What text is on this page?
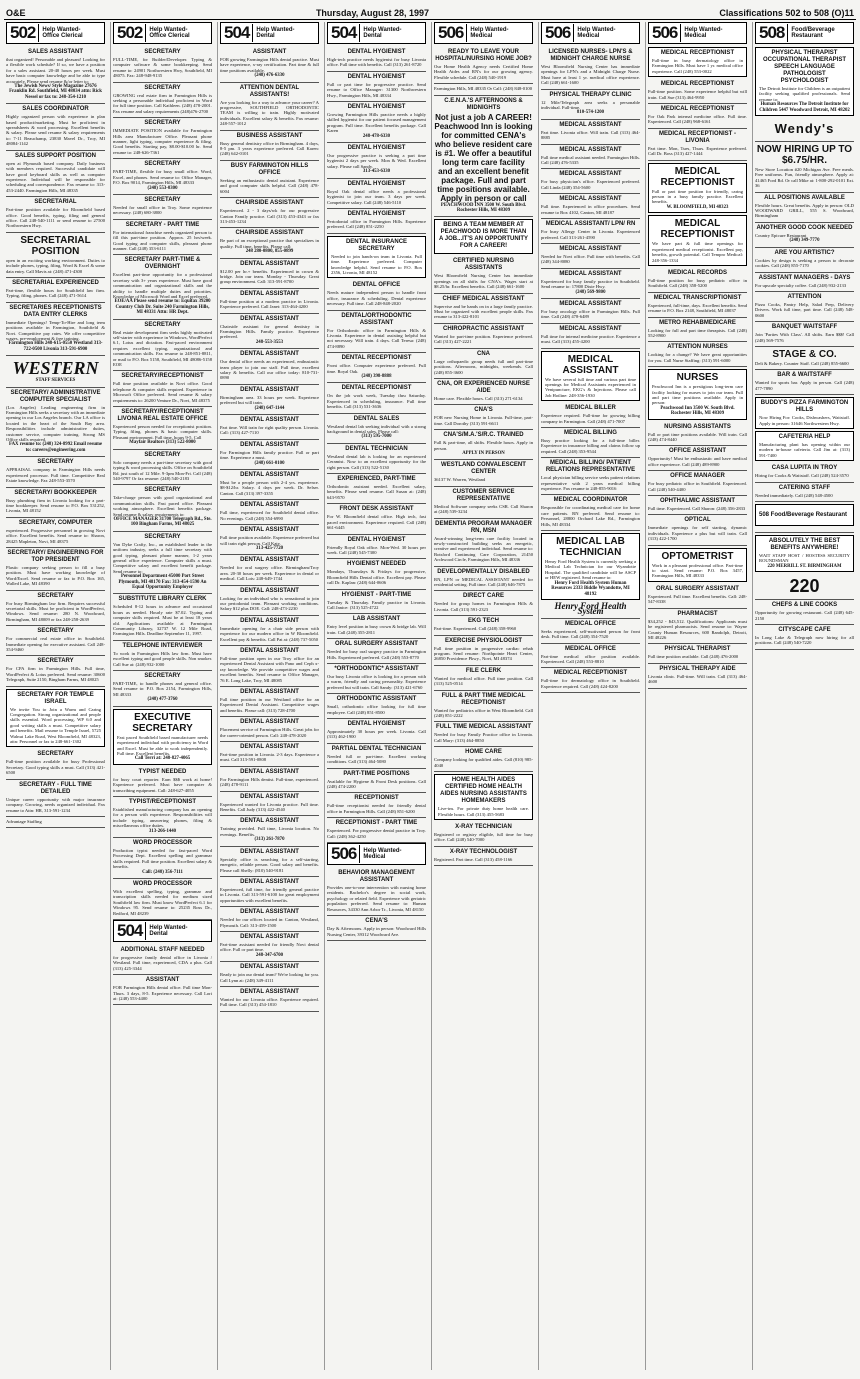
O&E	Thursday, August 28, 1997	Classifications 502 to 508 (O)11
502	Help Wanted-
Office Clerical
SALES ASSISTANT
that organized! Personable and pleasant! Looking for a flexible work schedule? If so, we have a position for a sales assistant. 20-40 hours per week. Must have basic computer knowledge and be able to type accurately. Please send resume &/or letter to:
The Jewish News/ Style Magazine 27676 Franklin Rd. Southfield, MI 48034 attn: Rick Nessel or fax to: 248-354-1210
SALES COORDINATOR
Highly organized person with experience in plan based product/marketing. Must be proficient in spreadsheets & word processing. Excellent benefits & salary. Please send resume & salary requirements to: 7-11 Beauchamp, 23830 Mavel Dr., Troy, MI 48084-1142
SALES SUPPORT POSITION
open at Plymouth based company. Daily business with members required. Successful candidate will have good keyboard skills as well as computer experience. Individual will be responsible for scheduling and correspondence. Fax resume to: 313-453-2440. Farmington Hills, MI 48335
SECRETARIAL
Part-time position available for Bloomfield based office. Good benefits, typing, filing and general office. Call 248-540-1111 or send resume to 27500 Northwestern Hwy.
SECRETARIAL POSITION
open in an exciting working environment. Duties to include phones, typing, filing, Word & Excel & some data entry. Call Mavis at: (248) 471-4300
SECRETARIAL EXPERIENCED
Part-time, flexible hours for Southfield law firm. Typing, filing, phones. Call (248) 471-5614
SECRETARIES RECEPTIONISTS DATA ENTRY CLERKS
Immediate Openings! Temp-To-Hire and long term positions available in Farmington, Southfield & Novi. Competitive pay rates. We offer competitive wages, pre-employment & free training.
Farmington Hills 248-615-0550 Westland 313-722-0500 Livonia 313-591-6900
WESTERN
STAFF SERVICES
SECRETARY/ ADMINISTRATIVE COMPUTER SPECIALIST
(Los Angeles) Leading engineering firm in Farmington Hills seeks a secretary with an immediate opening in our Los Angeles branch. Our LA office is located in the heart of the South Bay area. Responsibilities include administrative duties, customer service, computer training. Strong MS Office skills required.
FAX resume to: (248) 324-8992 Email resume to: careers@engineering.com
SECRETARY
APPRAISAL company in Farmington Hills needs experienced processor. Full time. Competitive Real Estate knowledge. Fax 248-553-3570
SECRETARY/ BOOKKEEPER
Busy plumbing firm in Livonia looking for a part-time bookkeeper. Send resume to P.O. Box 531252, Livonia, MI 48152
SECRETARY, COMPUTER
experienced. Progressive personnel in growing Novi office. Excellent benefits. Send resume to: Sharon, 28425 Mapleton, Novi, MI 48375
SECRETARY/ ENGINEERING FOR TOP PRESIDENT
Plastic company seeking person to fill a busy position. Must have working knowledge of Word/Excel. Send resume or fax to P.O. Box 165, Walled Lake, MI 48390
SECRETARY
For busy Birmingham law firm. Requires successful secretarial skills. Must be proficient in WordPerfect, Windows. Send resume: 280 N. Woodward, Birmingham, MI 48009 or fax 248-258-2639
SECRETARY
For commercial real estate office in Southfield. Immediate opening for executive assistant. Call 248-354-9460
SECRETARY
For CPA firm in Farmington Hills. Full time, WordPerfect & Lotus preferred. Send resume: 30600 Telegraph, Suite 2150, Bingham Farms, MI 48025
SECRETARY FOR TEMPLE ISRAEL
We invite You to Join a Warm and Caring Congregation. Strong organizational and people skills essential. Word processing, WP 6.0 and good writing skills a must. Competitive salary and benefits. Mail resume to Temple Israel, 5725 Walnut Lake Road, West Bloomfield, MI 48323, attn: Personnel or fax to 248-661-1302
SECRETARY
Full-time position available for busy Professional Secretary. Good typing skills a must. Call (313) 421-6500
SECRETARY - FULL TIME DETAILED
Unique career opportunity with major insurance company. Growing, needs organized individual. Fax resume to Attn: HR, 313-591-1234
Advantage Staffing
502	Help Wanted-
Office Clerical
SECRETARY
FULL-TIME, for Builder/Developer. Typing & computer software & some bookkeeping. Send resume to: 24901 Northwestern Hwy, Southfield, MI 48075. Fax: 248-948-9135
SECRETARY
GROWING real estate firm in Farmington Hills is seeking a personable individual proficient in Word for full time position. Call Kathleen. (248) 478-2001. Fax resume and salary requirements (248)476-2700
SECRETARY
IMMEDIATE POSITION available for Farmington Hills area Manufacturer Office. Pleasant phone manner, light typing, computer experience & filing. Good benefits. Starting pay, $8.00-$10.00 hr. Send resume to: 248-626-7361
SECRETARY
PART-TIME, flexible for busy small office. Word, Excel, and phones. Send resume to: Office Manager, P.O. Box 9014, Farmington Hills, MI 48333
(248) 553-0300
SECRETARY
Needed for small office in Troy. Some experience necessary. (248) 680-3800
SECRETARY - PART TIME
For international franchise needs organized person to fill this part-time position. Approx. 25 hrs/week. Good typing and computer skills, pleasant phone manner. Call (248) 353-6111
SECRETARY PART-TIME & OVERNIGHT
Excellent part-time opportunity for a professional secretary with 3+ years experience. Must have good communication and organizational skills and the ability to handle multiple duties and priorities. Knowledge of Microsoft Word and Excel preferred.
EOE/AA Please send resume to: Equifax 39200 Country Club Dr. Suite 240 Farmington Hills, MI 48331 Attn: HR Dept.
SECRETARY
Real estate development firm seeks highly motivated self-starter with experience in Windows, WordPerfect 6.1, Lotus and dictation. Fast-paced environment requires excellent typing, organizational and communication skills. Fax resume to 248-851-8811, or mail to P.O. Box 5158, Southfield, MI 48086-5158 EOE
SECRETARY/RECEPTIONIST
Full time position available in Novi office. Good telephone & computer skills required. Experience in Microsoft Office preferred. Send resume & salary requirements to: 26200 Venture Dr., Novi, MI 48375
SECRETARY/RECEPTIONIST LIVONIA REAL ESTATE OFFICE
Experienced person needed for receptionist position. Typing, filing, phones & basic computer skills. Pleasant environment. Full time, hours 9-5. Call
Mayfair Realtors (313) 522-8000
SECRETARY
Solo company needs a part-time secretary with good typing & word processing skills. Office on Southfield Rd. just south of 12 Mile. 9-3pm Mon-Fri. Call (248) 540-9797 Or fax resume: (248) 540-2183
SECRETARY
Take-charge person with good organizational and communication skills. Fast paced office. Pleasant working atmosphere. Excellent benefits package. Send resume & salary requirements to:
OFFICE MANAGER 31700 Telegraph Rd., Ste. 100 Bingham Farms, MI 48025
SECRETARY
Van Dyke Crafty, Inc., an established leader in the uniform industry, seeks a full time secretary with good typing, pleasant phone manner, 1-2 years general office experience. Computer skills a must. Competitive salary and excellent benefit package. Send resume to:
Personnel Department 45000 Port Street Plymouth, MI 48170 Fax: 313-454-1590 An Equal Opportunity Employer
SUBSTITUTE LIBRARY CLERK
Scheduled 8-12 hours in advance and occasional hours as needed. Hourly rate $7.02. Typing and computer skills required. Must be at least 18 years old. Applications available at Farmington Community Library, 32737 W. 12 Mile Road, Farmington Hills. Deadline September 11, 1997.
TELEPHONE INTERVIEWER
To work in Farmington Hills law firm. Must have excellent typing and good people skills. Non smoker. Call Sue at: (248) 932-1000
SECRETARY
PART-TIME, to handle phones and general office. Send resume to: P.O. Box 2154, Farmington Hills, MI 48333
(248) 477-3760
EXECUTIVE SECRETARY
Fast paced Southfield based manufacturer needs experienced individual with proficiency in Word and Excel. Must be able to work independently. Full time. Excellent benefits.
Call Terri at: 248-827-4065
TYPIST NEEDED
for busy court reporter. Earn $$$ work at home! Experience preferred. Must have computer & transcribing equipment. Call: 248-627-4055
TYPIST/RECEPTIONIST
Established manufacturing company has an opening for a person with experience. Responsibilities will include typing, answering phones, filing & miscellaneous office duties.
313-266-1440
WORD PROCESSOR
Production typist needed for fast-paced Word Processing Dept. Excellent spelling and grammar skills required. Full time position. Excellent salary & benefits.
Call: (248) 356-7111
WORD PROCESSOR
With excellent spelling, typing, grammar and transcription skills needed for medium sized Southfield law firm. Must know WordPerfect 6.1 for Windows 95. Send resume to: 25235 Ross Dr., Redford, MI 48239
504	Help Wanted-
Dental
ADDITIONAL STAFF NEEDED
for progressive family dental office in Livonia / Westland. Full time, experienced, CDA a plus. Call (313) 425-3344
ASSISTANT
FOR Farmington Hills dental office. Full time Mon-Thurs. 3 days, 8-5. Experience necessary. Call Lori at: (248) 553-4400
504	Help Wanted-
Dental
ASSISTANT
FOR growing Farmington Hills dental practice. Must have experience, x-ray certification. Part time & full time positions available.
(248) 476-6330
ATTENTION DENTAL ASSISTANTS!
Are you looking for a way to advance your career? A progressive, SOUTHFIELD ORTHODONTIC TEAM is willing to train. Highly motivated individuals. Excellent salary & benefits. Fax resume: 248-557-1012
BUSINESS ASSISTANT
Busy general dentistry office in Birmingham. 4 days, 8-5 pm. 3 years experience preferred. Call Karen: (248) 642-0101
BUSY FARMINGTON HILLS OFFICE
Seeking an enthusiastic dental assistant. Experience and good computer skills helpful. Call (248) 478-6004
CHAIRSIDE ASSISTANT
Experienced. 2 - 3 days/wk for our progressive Canton Family practice. Call (313) 453-4343 or fax 313-453-1234
CHAIRSIDE ASSISTANT
Be part of an exceptional practice that specializes in quality. Full time, benefits. Please call:
248 280-0800, 855-0899
DENTAL ASSISTANT
$12.00 per hr.+ benefits. Experienced in crown & bridge. Join our team. Monday - Thursday. Great group environment. Call: 313-591-8700
DENTAL ASSISTANT
Full-time position at a modern practice in Livonia. Experience preferred. Call Janet: 313-464-4200
DENTAL ASSISTANT
Chairside assistant for general dentistry in Farmington Hills. Family practice. Experience preferred.
248-553-3553
DENTAL ASSISTANT
Our dental office needs an experienced, enthusiastic team player to join our staff. Full time, excellent salary & benefits. Call our office today: 810-731-0890
DENTAL ASSISTANT
Birmingham area. 33 hours per week. Experience preferred but will train.
(248) 647-1144
DENTAL ASSISTANT
Part time. Will train for right quality person. Livonia. Call: (313) 427-7110
DENTAL ASSISTANT
For Farmington Hills family practice. Full or part time. Experience a must.
(248) 661-0100
DENTAL ASSISTANT
Must be a people person with 2-4 yrs. experience. $8-$12/hr. Salary. 4 days per week. Dr. Selser. Canton. Call (313) 397-3355
DENTAL ASSISTANT
Full time, experienced for Southfield dental office. No evenings. Call (248) 354-6990
DENTAL ASSISTANT
Full time position available. Experience preferred but will train right person. Call Katy.
313-425-7720
DENTAL ASSISTANT
Needed for oral surgery office. Birmingham/Troy area. 20-30 hours per week. Experience in dental or medical. Call Lois: 248-649-1744
DENTAL ASSISTANT
Looking for an individual who is sensational to join our periodontal team. Pleasant working conditions. Salary $12 plus DOE. Call: 248-473-2230
DENTAL ASSISTANT
Immediate opening for a chair side person with experience for our modern office in W Bloomfield. Excellent pay & benefits. Call Pat at: (248) 737-5050
DENTAL ASSISTANT
Full-time position open in our Troy office for an experienced Dental Assistant with Pano and Ceph x-ray knowledge. We provide competitive wages and excellent benefits. Send resume to Office Manager, 76 E. Long Lake, Troy, MI 48085
DENTAL ASSISTANT
Full time position in our Westland office for an Experienced Dental Assistant. Competitive wages and benefits. Please call: (313) 728-4700
DENTAL ASSISTANT
Placement service of Farmington Hills. Great jobs for the career-oriented person. Call: 248-478-2020
DENTAL ASSISTANT
Part-time position in Livonia. 2-3 days. Experience a must. Call 313-591-0808
DENTAL ASSISTANT
For Farmington Hills dentist. Full-time, experienced. (248) 478-9111
DENTAL ASSISTANT
Experienced wanted for Livonia practice. Full time. Benefits. Call Judy (313) 422-4540
DENTAL ASSISTANT
Training provided. Full time, Livonia location. No evenings. Benefits.
(313) 261-7870
DENTAL ASSISTANT
Specialty office is searching for a self-starting, energetic, reliable person. Good salary and benefits. Please call Shelly: (810) 540-9181
DENTAL ASSISTANT
Experienced, full time, for friendly general practice in Livonia. Call 313-591-6100 for great employment opportunities with excellent benefits.
DENTAL ASSISTANT
Needed for our offices located in: Canton, Westland, Plymouth. Call: 313-459-1500
DENTAL ASSISTANT
Part-time assistant needed for friendly Novi dental office. Full or part time.
248-347-6700
DENTAL ASSISTANT
Ready to join our dental team? We're looking for you. Call Lynn at: (248) 349-4111
DENTAL ASSISTANT
Wanted for our Livonia office. Experience required. Full time. Call (313) 454-1810
504	Help Wanted-
Dental
DENTAL HYGIENIST
High-tech practice needs hygienist for busy Livonia office. Full time with benefits. Call (313) 261-8720
DENTAL HYGIENIST
Full or part time for progressive practice. Send resume to Office Manager: 31300 Northwestern Hwy., Farmington Hills, MI 48334
DENTAL HYGIENIST
Growing Farmington Hills practice needs a highly skilled hygienist for our patient focused management program. Full time. Excellent benefits package. Call Karen
248-478-6330
DENTAL HYGIENIST
Our progressive practice is seeking a part time hygienist 2 days per week. Mon & Wed. Excellent salary. Please call Sandy.
313-453-6330
DENTAL HYGIENIST
Royal Oak dental office needs a professional hygienist to join our team. 3 days per week. Competitive salary. Call (248) 546-5110
DENTAL HYGIENIST
Periodontal office in Farmington Hills. Experience preferred. Call (248) 851-2250
DENTAL INSURANCE SECRETARY
Needed to join hands-on team in Livonia. Full time. Experience preferred. Computer knowledge helpful. Send resume to P.O. Box 2356, Livonia, MI 48152
DENTAL OFFICE
Needs mature independent person to handle front office, insurance & scheduling. Dental experience necessary. Full time. Call 248-848-2020
DENTAL/ORTHODONTIC ASSISTANT
For Orthodontic office in Farmington Hills & Livonia. Experience in dental assisting helpful but not necessary. Will train. 4 days. Call Teresa: (248) 474-8890
DENTAL RECEPTIONIST
Front office. Computer experience preferred. Full time. Royal Oak.
(248) 398-8888
DENTAL RECEPTIONIST
On the job work week, Tuesday thru Saturday. Experienced in scheduling, insurance. Full time benefits. Call (313) 531-3636
DENTAL SALES
Westland dental lab seeking individual with a strong background in dental sales. Please call:
(313) 595-7000
DENTAL TECHNICIAN
Westland dental lab is looking for an experienced Ceramist. Now to an excellent opportunity for the right person. Call (313) 522-5130
EXPERIENCED, PART-TIME
Orthodontic assistant needed. Excellent salary, benefits. Please send resume. Call Susan at: (248) 643-9570
FRONT DESK ASSISTANT
For W. Bloomfield dental office. High tech, fast paced environment. Experience required. Call (248) 661-6445
DENTAL HYGIENIST
Friendly Royal Oak office. Mon-Wed. 30 hours per week. Call (248) 545-7300
HYGIENIST NEEDED
Mondays, Thursdays & Fridays for progressive, Bloomfield Hills Dental office. Excellent pay. Please call Dr. Kaplan: (248) 644-0606
HYGIENIST - PART-TIME
Tuesday & Thursday. Family practice in Livonia. Call Janice: (313) 525-4722
LAB ASSISTANT
Entry level position in busy crown & bridge lab. Will train. Call (248) 355-2811
ORAL SURGERY ASSISTANT
Needed for busy oral surgery practice in Farmington Hills. Experienced preferred. Call (248) 553-8770
*ORTHODONTIC* ASSISTANT
Our busy Livonia office is looking for a person with a warm, friendly and caring personality. Experience preferred but will train. Call Sandy: (313) 421-6760
ORTHODONTIC ASSISTANT
Small, orthodontic office looking for full time employee. Call (248) 851-8500
DENTAL HYGIENIST
Approximately 30 hours per week. Livonia. Call (313) 462-1900
PARTIAL DENTAL TECHNICIAN
Needed full or part-time. Excellent working conditions. Call (313) 464-5080
PART-TIME POSITIONS
Available for Hygiene & Front Desk positions. Call (248) 474-2200
RECEPTIONIST
Full-time receptionist needed for friendly dental office in Farmington Hills. Call (248) 851-6200
RECEPTIONIST - PART TIME
Experienced. For progressive dental practice in Troy. Call: (248) 362-4250
506	Help Wanted-
Medical
BEHAVIOR MANAGEMENT ASSISTANT
Provides one-to-one intervention with nursing home residents. Bachelor's degree in social work, psychology or related field. Experience with geriatric population preferred. Send resume to: Human Resources, 34330 Ann Arbor Tr., Livonia, MI 48150
CENA'S
Day & Afternoons. Apply in person: Woodward Hills Nursing Center, 39312 Woodward Ave.
506	Help Wanted-
Medical
READY TO LEAVE YOUR HOSPITAL/NURSING HOME JOB?
Our Home Health Agency needs Certified Home Health Aides and RN's for our growing agency. Flexible schedule. Call (248) 540-1919
Farmington Hills, MI 48335 Or Call: (248) 848-0100
C.E.N.A.'S AFTERNOONS & MIDNIGHTS
Not just a job A CAREER! Peachwood Inn is looking for committed CENA's who believe resident care is #1. We offer a beautiful long term care facility and an excellent benefit package. Full and part time positions available. Apply in person or call
PEACHWOOD INN 3500 W. South Blvd. Rochester Hills, MI 48309
BEING A TEAM MEMBER AT PEACHWOOD IS MORE THAN A JOB...IT'S AN OPPORTUNITY FOR A CAREER!
CERTIFIED NURSING ASSISTANTS
West Bloomfield Nursing Center has immediate openings on all shifts for CNA's. Wages start at $8.25/hr. Excellent benefits. Call (248) 661-1600
CHIEF MEDICAL ASSISTANT
Supervise and be hands on in a large family practice. Must be organized with excellent people skills. Fax resume to 313-422-8101
CHIROPRACTIC ASSISTANT
Wanted for part-time position. Experience preferred. Call (313) 427-2221
CNA
Large orthopaedic group needs full and part-time positions. Afternoons, midnights, weekends. Call (248) 855-3600
CNA, OR EXPERIENCED NURSE AIDE
Home care. Flexible hours. Call (313) 271-6134
CNA'S
FOR new Nursing Home in Livonia. Full-time, part-time. Call Dorothy (313) 591-6611
CNA'S/M.A.'S/R.C. TRAINED
Full & part-time, all shifts. Flexible hours. Apply in person.
APPLY IN PERSON
WESTLAND CONVALESCENT CENTER
36137 W. Warren, Westland
CUSTOMER SERVICE REPRESENTATIVE
Medical Software company seeks CSR. Call Sharon at (248) 539-3234
DEMENTIA PROGRAM MANAGER RN, MSN
Award-winning long-term care facility located in newly-constructed building seeks an energetic, creative and experienced individual. Send resume to: Botsford Continuing Care Corporation, 21450 Archwood Circle, Farmington Hills, MI 48336
DEVELOPMENTALLY DISABLED
RN, LPN or MEDICAL ASSISTANT needed for residential setting. Full time. Call (248) 646-7875
DIRECT CARE
Needed for group homes in Farmington Hills & Livonia. Call (313) 591-2323
EKG TECH
Part-time. Experienced. Call (248) 358-9960
EXERCISE PHYSIOLOGIST
Full time position in progressive cardiac rehab program. Send resume: Northpointe Heart Center, 26850 Providence Pkwy., Novi, MI 48374
FILE CLERK
Wanted for medical office. Full time position. Call (313) 525-0514
FULL & PART TIME MEDICAL RECEPTIONIST
Wanted for pediatrics office in West Bloomfield. Call (248) 851-2222
FULL TIME MEDICAL ASSISTANT
Needed for busy Family Practice office in Livonia. Call Mary: (313) 464-8850
HOME CARE
Company looking for qualified aides. Call (810) 985-4040
HOME HEALTH AIDES CERTIFIED HOME HEALTH AIDES NURSING ASSISTANTS HOMEMAKERS
Live-ins. For private duty home health care. Flexible hours. Call (313) 455-5683
X-RAY TECHNICIAN
Registered or registry eligible, full time for busy office. Call (248) 540-7000
X-RAY TECHNOLOGIST
Registered. Part time. Call (313) 458-1166
506	Help Wanted-
Medical
LICENSED NURSES- LPN'S & MIDNIGHT CHARGE NURSE
West Bloomfield Nursing Center has immediate openings for LPN's and a Midnight Charge Nurse. Must have at least 1 yr. medical office experience. Call (248) 661-1600
PHYSICAL THERAPY CLINIC
12 Mile/Telegraph area seeks a personable individual. Full-time.
810-574-1200
MEDICAL ASSISTANT
Part time. Livonia office. Will train. Call (313) 464-8885
MEDICAL ASSISTANT
Full time medical assistant needed. Farmington Hills. Call (248) 476-5335
MEDICAL ASSISTANT
For busy physician's office. Experienced preferred. Call Linda (248) 354-5600
MEDICAL ASSISTANT
Full time. Experienced in office procedures. Send resume to Box 4102, Canton, MI 48187
MEDICAL ASSISTANT/ LPN/ RN
For busy Allergy Center in Livonia. Experienced preferred. Call 313-261-4590
MEDICAL ASSISTANT
Needed for Novi office. Full time with benefits. Call (248) 344-8080
MEDICAL ASSISTANT
Experienced for busy family practice in Southfield. Send resume to: 17800 Dixie Hwy.
(248) 569-9800
MEDICAL ASSISTANT
For busy oncology office in Farmington Hills. Full time. Call (248) 478-6489
MEDICAL ASSISTANT
Full time for internal medicine practice. Experience a must. Call (313) 455-4200
MEDICAL ASSISTANT
We have several full time and various part time openings for Medical Assistants experienced in Venipuncture, EKG's & Injections. Please call Job Hotline: 248-356-1930
MEDICAL BILLER
Experience required. Full-time for growing billing company in Farmington. Call (248) 471-7007
MEDICAL BILLING
Busy practice looking for a full-time biller. Experience in insurance billing and claims follow up required. Call (248) 353-9544
MEDICAL BILLING/ PATIENT RELATIONS REPRESENTATIVE
Local physician billing service seeks patient relations representative with 2 years medical billing experience. Fax resume to 248-855-9016
MEDICAL COORDINATOR
Responsible for coordinating medical care for home care patients. RN preferred. Send resume to: Personnel, 28800 Orchard Lake Rd., Farmington Hills, MI 48334
MEDICAL LAB TECHNICIAN
Henry Ford Health System is currently seeking a Medical Lab Technician for our Wyandotte Hospital. The qualified candidate will be ASCP or HEW registered. Send resume to:
Henry Ford Health System Human Resources 2333 Biddle Wyandotte, MI 48192
Henry Ford Health System
MEDICAL OFFICE
Seeks experienced, self-motivated person for front desk. Full time. Call (248) 354-7520
MEDICAL OFFICE
Part-time medical office position available. Experienced. Call (248) 553-8810
MEDICAL RECEPTIONIST
Full-time for dermatology office in Southfield. Experience required. Call (248) 424-8200
506	Help Wanted-
Medical
MEDICAL RECEPTIONIST
Full-time in busy dermatology office in Farmington Hills. Must have 1 yr. medical office experience. Call (248) 553-0022
MEDICAL RECEPTIONIST
Full-time position. Some experience helpful but will train. Call Sue (313) 464-9950
MEDICAL RECEPTIONIST
For Oak Park internal medicine office. Full time. Experienced. Call (248) 968-6161
MEDICAL RECEPTIONIST - LIVONIA
Part time. Mon, Tues, Thurs. Experience preferred. Call Dr. Boss (313) 427-1444
MEDICAL RECEPTIONIST
Full or part time position for friendly, caring person in a busy family practice. Excellent benefits.
W. BLOOMFIELD, MI 48323
MEDICAL RECEPTIONIST
We have part & full time openings for experienced medical receptionist. Excellent pay, benefits, growth potential. Call Tempro Medical: 248-356-1334
MEDICAL RECORDS
Full-time position for busy pediatric office in Southfield. Call (248) 358-5200
MEDICAL TRANSCRIPTIONIST
Experienced, full-time, days. Excellent benefits. Send resume to P.O. Box 2148, Southfield, MI 48037
METRO REHABMEDICARE
Looking for full and part time therapists. Call (248) 552-8900
ATTENTION NURSES
Looking for a change? We have great opportunities for you. Call Nurse Staffing: (313) 591-6000
NURSES
Peachwood Inn is a prestigious long-term care facility looking for nurses to join our team. Full and part time positions available. Apply in person:
Peachwood Inn 3500 W. South Blvd. Rochester Hills, MI 48309
NURSING ASSISTANTS
Full or part time positions available. Will train. Call (248) 474-8440
OFFICE ASSISTANT
Opportunity! Must be enthusiastic and have medical office experience. Call (248) 489-8900
OFFICE MANAGER
For busy pediatric office in Southfield. Experienced. Call (248) 540-4400
OPHTHALMIC ASSISTANT
Full time. Experienced. Call Sharon: (248) 356-2833
OPTICAL
Immediate openings for self starting, dynamic individuals. Experience a plus but will train. Call (313) 422-1700
OPTOMETRIST
Work in a pleasant professional office. Part-time to start. Send resume: P.O. Box 3457, Farmington Hills, MI 48333
ORAL SURGERY ASSISTANT
Experienced. Full time. Excellent benefits. Call: 248-547-8338
PHARMACIST
$34,252 - $43,512. Qualifications: Applicants must be registered pharmacists. Send resume to: Wayne County Human Resources, 600 Randolph, Detroit, MI 48226
PHYSICAL THERAPIST
Full time position available. Call (248) 476-2000
PHYSICAL THERAPY AIDE
Livonia clinic. Full-time. Will train. Call (313) 464-4600
508	Food/Beverage
Restaurant
PHYSICAL THERAPIST OCCUPATIONAL THERAPIST SPEECH LANGUAGE PATHOLOGIST PSYCHOLOGIST
The Detroit Institute for Children is an outpatient facility seeking qualified professionals. Send resume to:
Human Resources The Detroit Institute for Children 5447 Woodward Detroit, MI 48202
Wendy's
NOW HIRING UP TO $6.75/HR.
New Store Location #20 Michigan Ave. Free meals. Free uniforms. Fun, friendly atmosphere. Apply at: 41465 Ford Rd. Or call Mike at: 1-800-292-0101 Ext. 36
ALL POSITIONS AVAILABLE
Flexible hours. Great benefits. Apply in person: OLD WOODWARD GRILL, 555 S. Woodward, Birmingham
ANOTHER GOOD COOK NEEDED
Country Epicure Restaurant
(248) 349-7770
ARE YOU ARTISTIC?
Cookies by design is seeking a person to decorate cookies. Call (248) 855-7170
ASSISTANT MANAGERS - DAYS
For upscale specialty coffee. Call (248) 932-2133
ATTENTION
Pizza Cooks, Pantry Help, Salad Prep, Delivery Drivers. Work full time, part time. Call (248) 548-0600
BANQUET WAITSTAFF
Join 'Parties With Class'. All shifts. Earn $$$! Call (248) 569-7576
STAGE & CO.
Deli & Bakery. Counter Staff. Call (248) 855-6600
BAR & WAITSTAFF
Wanted for sports bar. Apply in person. Call (248) 477-7890
BUDDY'S PIZZA FARMINGTON HILLS
Now Hiring For: Cooks, Dishwashers, Waitstaff. Apply in person: 31646 Northwestern Hwy.
CAFETERIA HELP
Manufacturing plant has opening within our modern in-house cafeteria. Call Jim at: (313) 591-7400
CASA LUPITA IN TROY
Hiring for Cooks & Waitstaff. Call (248) 524-3570
CATERING STAFF
Needed immediately. Call (248) 548-4500
508 Food/Beverage Restaurant
ABSOLUTELY THE BEST BENEFITS ANYWHERE!
WAIT STAFF HOST / HOSTESS SECURITY ROUNDSMAN
220 MERRILL ST. BIRMINGHAM
220
CHEFS & LINE COOKS
Opportunity for growing restaurant. Call (248) 645-2150
CITYSCAPE CAFE
In Long Lake & Telegraph now hiring for all positions. Call (248) 540-7220
